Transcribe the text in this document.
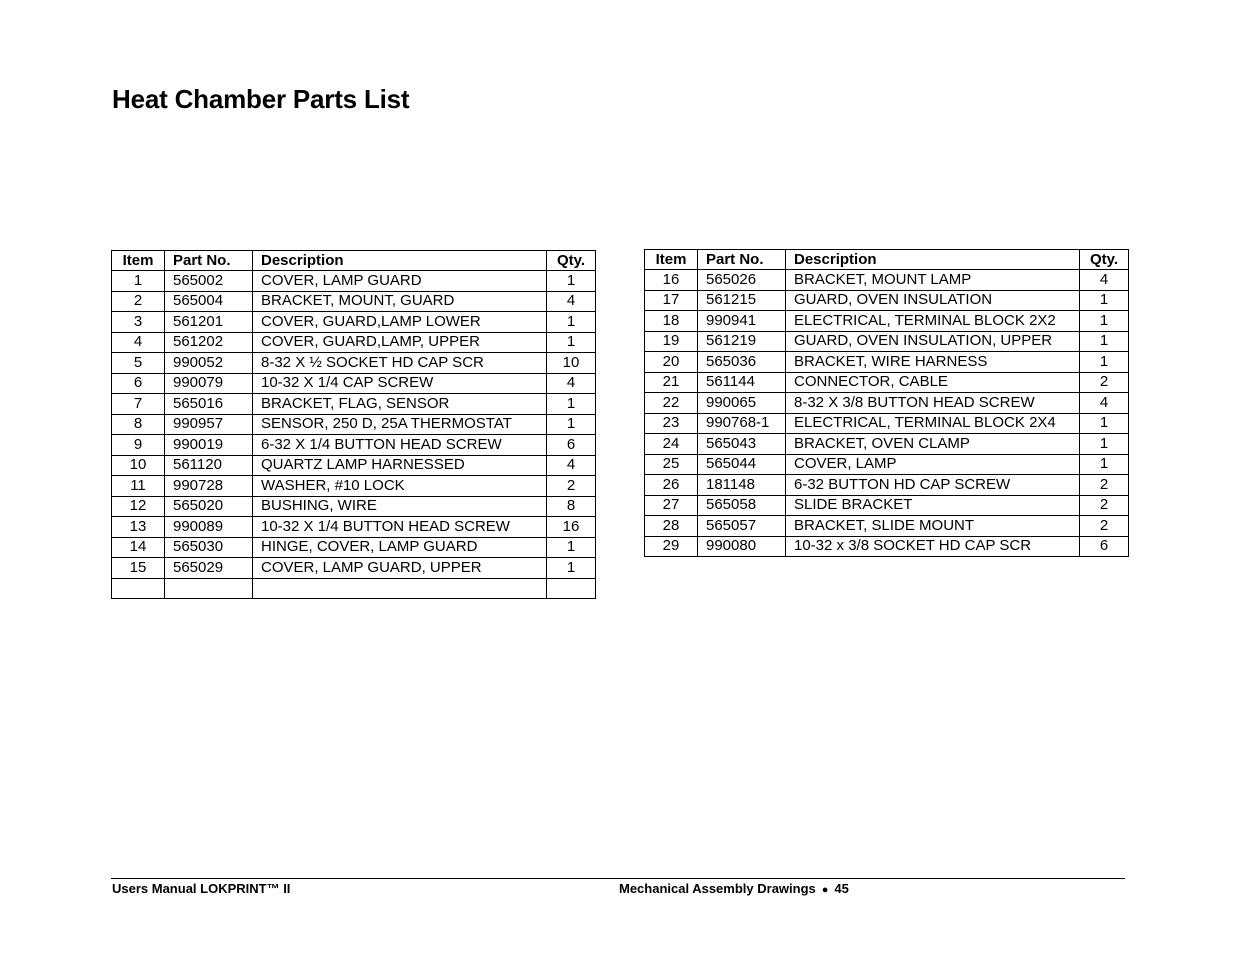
Heat Chamber Parts List
Item	Part No.	Description	Qty.
1	565002	COVER, LAMP GUARD	1
2	565004	BRACKET, MOUNT, GUARD	4
3	561201	COVER, GUARD,LAMP LOWER	1
4	561202	COVER, GUARD,LAMP, UPPER	1
5	990052	8-32 X ½ SOCKET HD CAP SCR	10
6	990079	10-32 X 1/4 CAP SCREW	4
7	565016	BRACKET, FLAG, SENSOR	1
8	990957	SENSOR, 250 D, 25A THERMOSTAT	1
9	990019	6-32 X 1/4 BUTTON HEAD SCREW	6
10	561120	QUARTZ LAMP HARNESSED	4
11	990728	WASHER, #10 LOCK	2
12	565020	BUSHING, WIRE	8
13	990089	10-32 X 1/4 BUTTON HEAD SCREW	16
14	565030	HINGE, COVER, LAMP GUARD	1
15	565029	COVER, LAMP GUARD, UPPER	1

Item	Part No.	Description	Qty.
16	565026	BRACKET, MOUNT LAMP	4
17	561215	GUARD, OVEN INSULATION	1
18	990941	ELECTRICAL, TERMINAL BLOCK 2X2	1
19	561219	GUARD, OVEN INSULATION, UPPER	1
20	565036	BRACKET, WIRE HARNESS	1
21	561144	CONNECTOR, CABLE	2
22	990065	8-32 X 3/8 BUTTON HEAD SCREW	4
23	990768-1	ELECTRICAL, TERMINAL BLOCK 2X4	1
24	565043	BRACKET, OVEN CLAMP	1
25	565044	COVER, LAMP	1
26	181148	6-32 BUTTON HD CAP SCREW	2
27	565058	SLIDE BRACKET	2
28	565057	BRACKET, SLIDE MOUNT	2
29	990080	10-32 x 3/8 SOCKET HD CAP SCR	6
Users Manual LOKPRINT™ II	Mechanical Assembly Drawings ● 45
